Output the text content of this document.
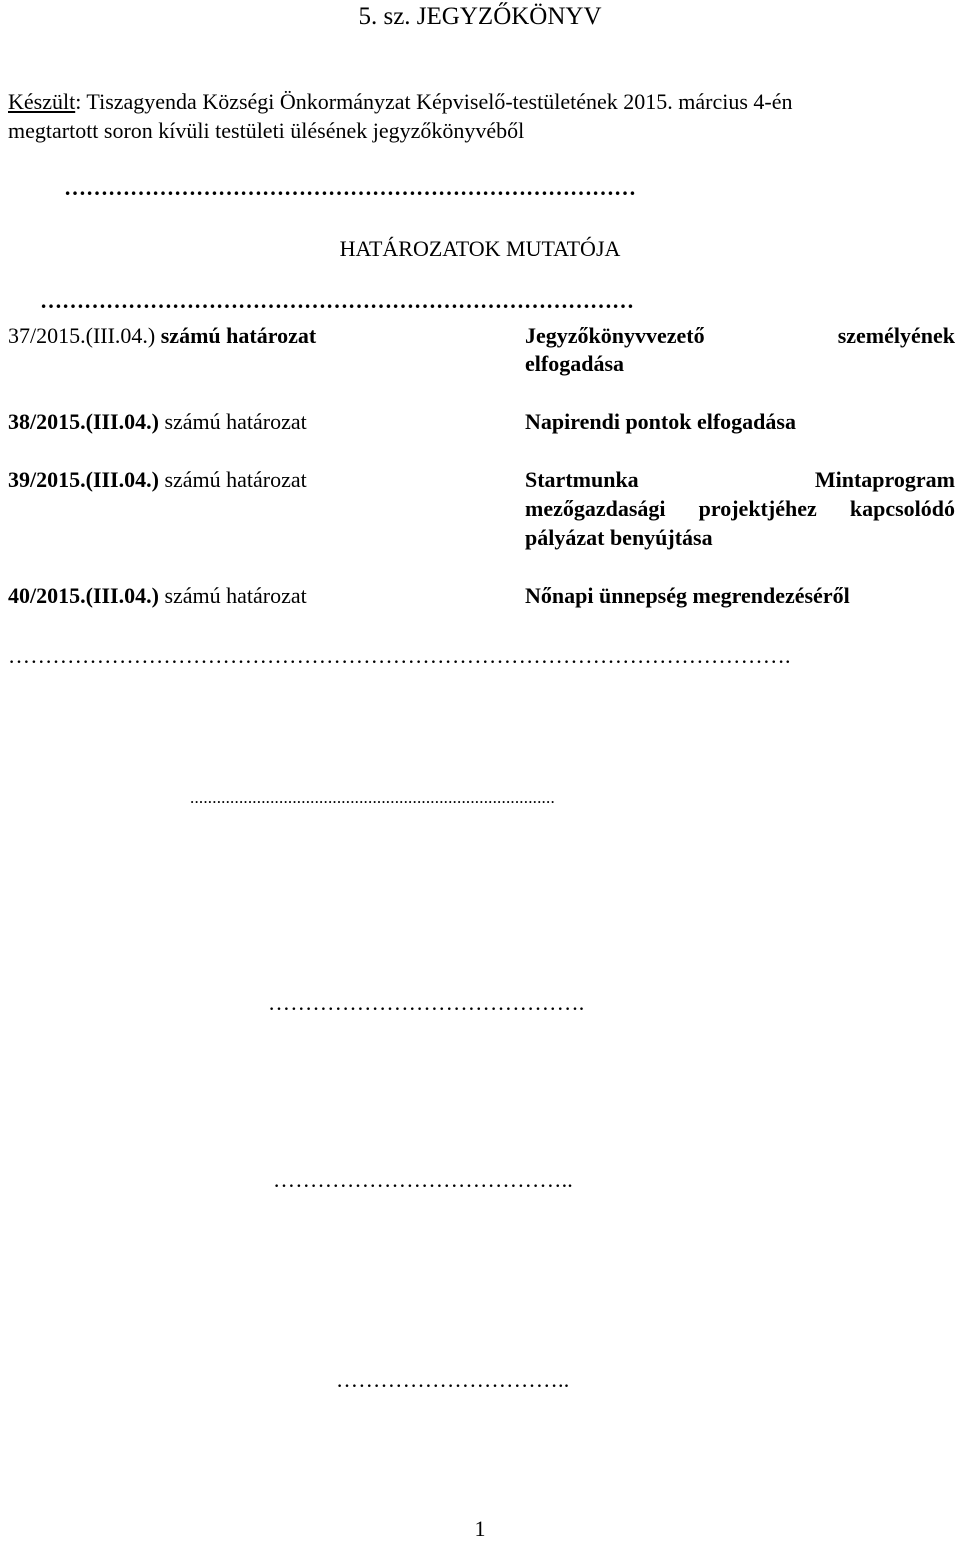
5. sz. JEGYZŐKÖNYV
Készült: Tiszagyenda Községi Önkormányzat Képviselő-testületének 2015. március 4-én
megtartott soron kívüli testületi ülésének jegyzőkönyvéből
……………………………………………………………………
HATÁROZATOK MUTATÓJA
………………………………………………………………………
37/2015.(III.04.) számú határozat	Jegyzőkönyvvezető személyének
elfogadása
38/2015.(III.04.) számú határozat	Napirendi pontok elfogadása
39/2015.(III.04.) számú határozat	Startmunka Mintaprogram
mezőgazdasági projektjéhez kapcsolódó
pályázat benyújtása
40/2015.(III.04.) számú határozat	Nőnapi ünnepség megrendezéséről
…………………………………………………………………………………………….
..................................................................................
…………………………………….
…………………………………..
…………………………..
1
